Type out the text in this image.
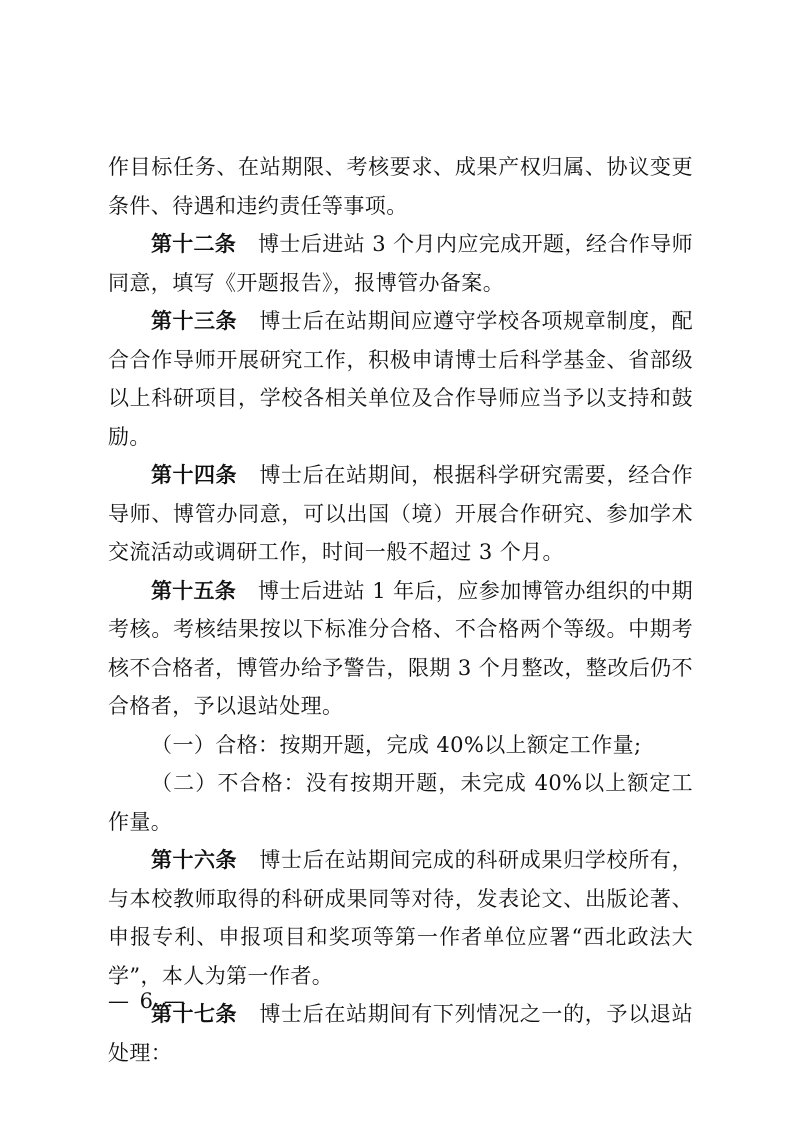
作目标任务、在站期限、考核要求、成果产权归属、协议变更条件、待遇和违约责任等事项。

第十二条 博士后进站 3 个月内应完成开题，经合作导师同意，填写《开题报告》，报博管办备案。

第十三条 博士后在站期间应遵守学校各项规章制度，配合合作导师开展研究工作，积极申请博士后科学基金、省部级以上科研项目，学校各相关单位及合作导师应当予以支持和鼓励。

第十四条 博士后在站期间，根据科学研究需要，经合作导师、博管办同意，可以出国（境）开展合作研究、参加学术交流活动或调研工作，时间一般不超过 3 个月。

第十五条 博士后进站 1 年后，应参加博管办组织的中期考核。考核结果按以下标准分合格、不合格两个等级。中期考核不合格者，博管办给予警告，限期 3 个月整改，整改后仍不合格者，予以退站处理。

（一）合格：按期开题，完成 40%以上额定工作量;

（二）不合格：没有按期开题，未完成 40%以上额定工作量。

第十六条 博士后在站期间完成的科研成果归学校所有，与本校教师取得的科研成果同等对待，发表论文、出版论著、申报专利、申报项目和奖项等第一作者单位应署“西北政法大学”，本人为第一作者。

第十七条 博士后在站期间有下列情况之一的，予以退站处理：

— 6 —
